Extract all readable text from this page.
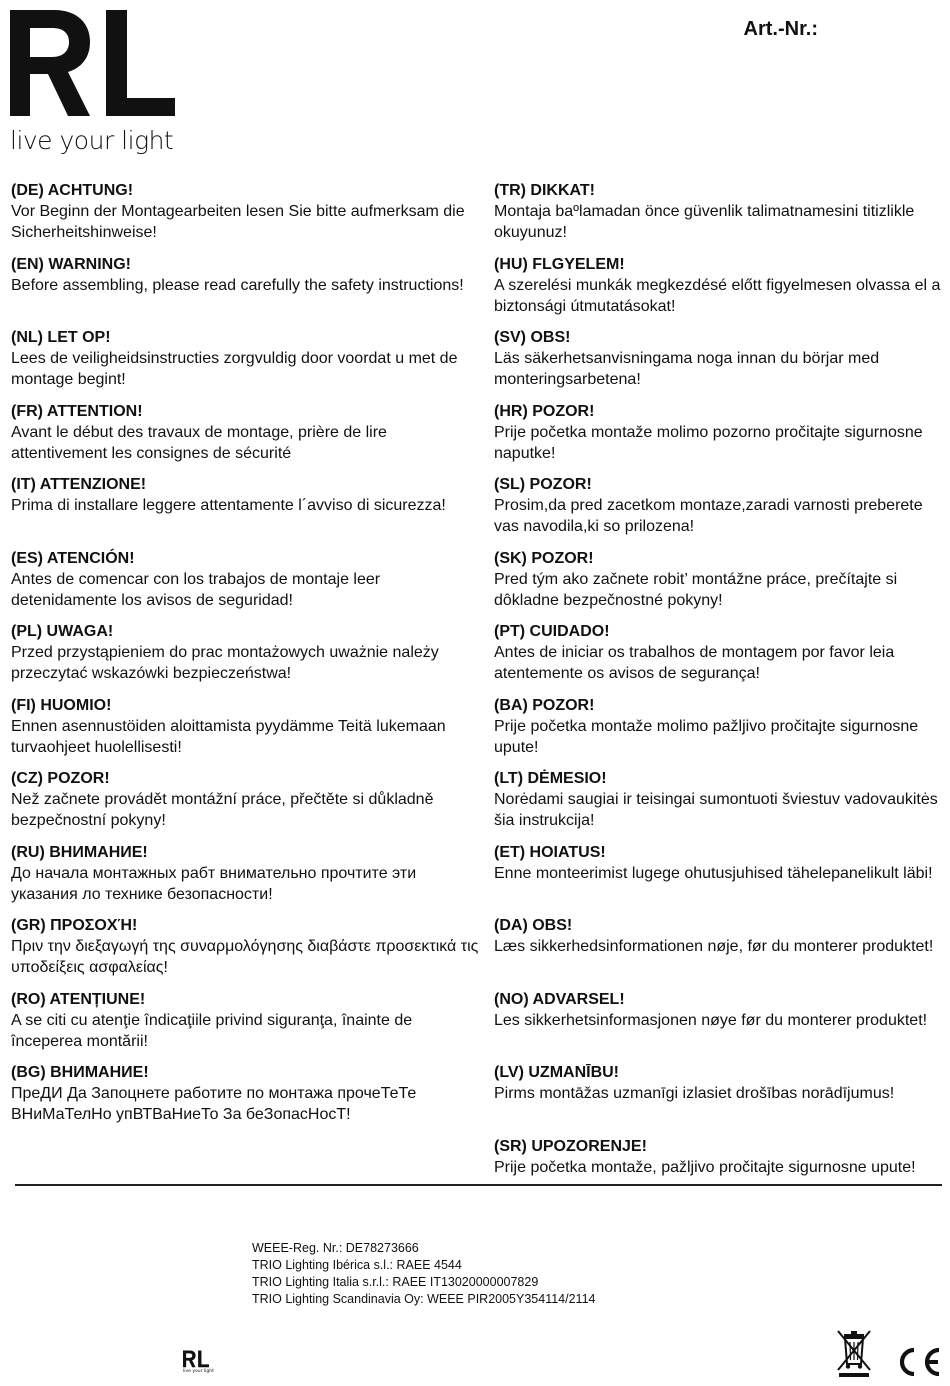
live your light
Art.-Nr.:
(DE) ACHTUNG!
Vor Beginn der Montagearbeiten lesen Sie bitte aufmerksam die Sicherheitshinweise!
(EN) WARNING!
Before assembling, please read carefully the safety instructions!
(NL) LET OP!
Lees de veiligheidsinstructies zorgvuldig door voordat u met de montage begint!
(FR) ATTENTION!
Avant le début des travaux de montage, prière de lire attentivement les consignes de sécurité
(IT) ATTENZIONE!
Prima di installare leggere attentamente l´avviso di sicurezza!
(ES) ATENCIÓN!
Antes de comencar con los trabajos de montaje leer detenidamente los avisos de seguridad!
(PL) UWAGA!
Przed przystąpieniem do prac montażowych uważnie należy przeczytać wskazówki bezpieczeństwa!
(FI) HUOMIO!
Ennen asennustöiden aloittamista pyydämme Teitä lukemaan turvaohjeet huolellisesti!
(CZ) POZOR!
Než začnete provádět montážní práce, přečtěte si důkladně bezpečnostní pokyny!
(RU) ВНИМАНИЕ!
До начала монтажных рабт внимательно прочтите эти указания ло технике безопасности!
(GR) ΠΡΟΣΟΧΉ!
Πριν την διεξαγωγή της συναρμολόγησης διαβάστε προσεκτικά τις υποδείξεις ασφαλείας!
(RO) ATENȚIUNE!
A se citi cu atenţie îndicaţiile privind siguranţa, înainte de începerea montării!
(BG) ВНИМАНИЕ!
ПреДИ Да Запоцнете работите по монтажа прочеТеТе ВНиМаТелНо упВТВаНиеТо За беЗопасНосТ!
(TR) DIKKAT!
Montaja baºlamadan önce güvenlik talimatnamesini titizlikle okuyunuz!
(HU) FLGYELEM!
A szerelési munkák megkezdésé előtt figyelmesen olvassa el a biztonsági útmutatásokat!
(SV) OBS!
Läs säkerhetsanvisningama noga innan du börjar med monteringsarbetena!
(HR) POZOR!
Prije početka montaže molimo pozorno pročitajte sigurnosne naputke!
(SL) POZOR!
Prosim,da pred zacetkom montaze,zaradi varnosti preberete vas navodila,ki so prilozena!
(SK) POZOR!
Pred tým ako začnete robit’ montážne práce, prečítajte si dôkladne bezpečnostné pokyny!
(PT) CUIDADO!
Antes de iniciar os trabalhos de montagem por favor leia atentemente os avisos de segurança!
(BA) POZOR!
Prije početka montaže molimo pažljivo pročitajte sigurnosne upute!
(LT) DĖMESIO!
Norėdami saugiai ir teisingai sumontuoti šviestuv vadovaukitės šia instrukcija!
(ET) HOIATUS!
Enne monteerimist lugege ohutusjuhised tähelepanelikult läbi!
(DA) OBS!
Læs sikkerhedsinformationen nøje, før du monterer produktet!
(NO) ADVARSEL!
Les sikkerhetsinformasjonen nøye før du monterer produktet!
(LV) UZMANĪBU!
Pirms montāžas uzmanīgi izlasiet drošības norādījumus!
(SR) UPOZORENJE!
Prije početka montaže, pažljivo pročitajte sigurnosne upute!
WEEE-Reg. Nr.: DE78273666
TRIO Lighting Ibérica s.l.: RAEE 4544
TRIO Lighting Italia s.r.l.: RAEE IT13020000007829
TRIO Lighting Scandinavia Oy: WEEE PIR2005Y354114/2114
live your light
